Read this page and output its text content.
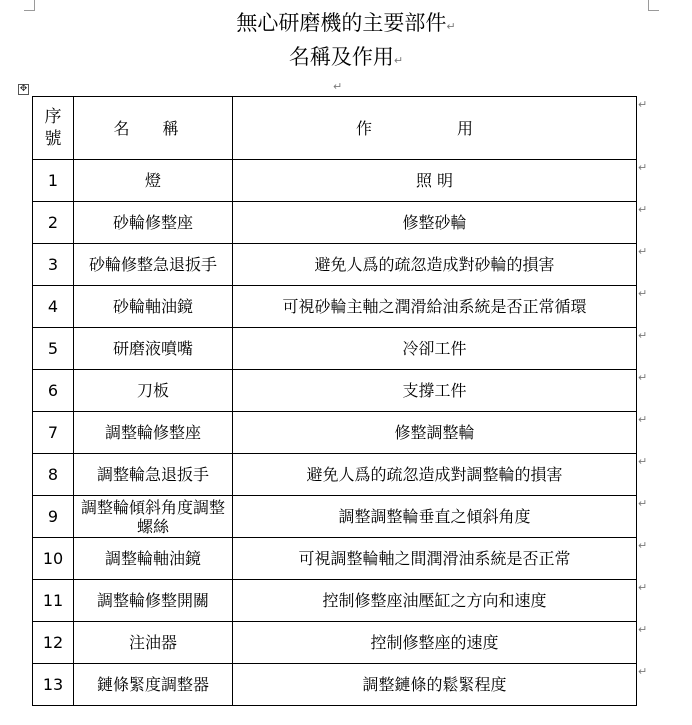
無心研磨機的主要部件↵
名稱及作用↵
✥	↵
序號	名 稱	作 用
1	燈	照 明
2	砂輪修整座	修整砂輪
3	砂輪修整急退扳手	避免人爲的疏忽造成對砂輪的損害
4	砂輪軸油鏡	可視砂輪主軸之潤滑給油系統是否正常循環
5	研磨液噴嘴	冷卻工件
6	刀板	支撐工件
7	調整輪修整座	修整調整輪
8	調整輪急退扳手	避免人爲的疏忽造成對調整輪的損害
9	調整輪傾斜角度調整螺絲	調整調整輪垂直之傾斜角度
10	調整輪軸油鏡	可視調整輪軸之間潤滑油系統是否正常
11	調整輪修整開關	控制修整座油壓缸之方向和速度
12	注油器	控制修整座的速度
13	鏈條緊度調整器	調整鏈條的鬆緊程度
↵
↵
↵
↵
↵
↵
↵
↵
↵
↵
↵
↵
↵
↵
